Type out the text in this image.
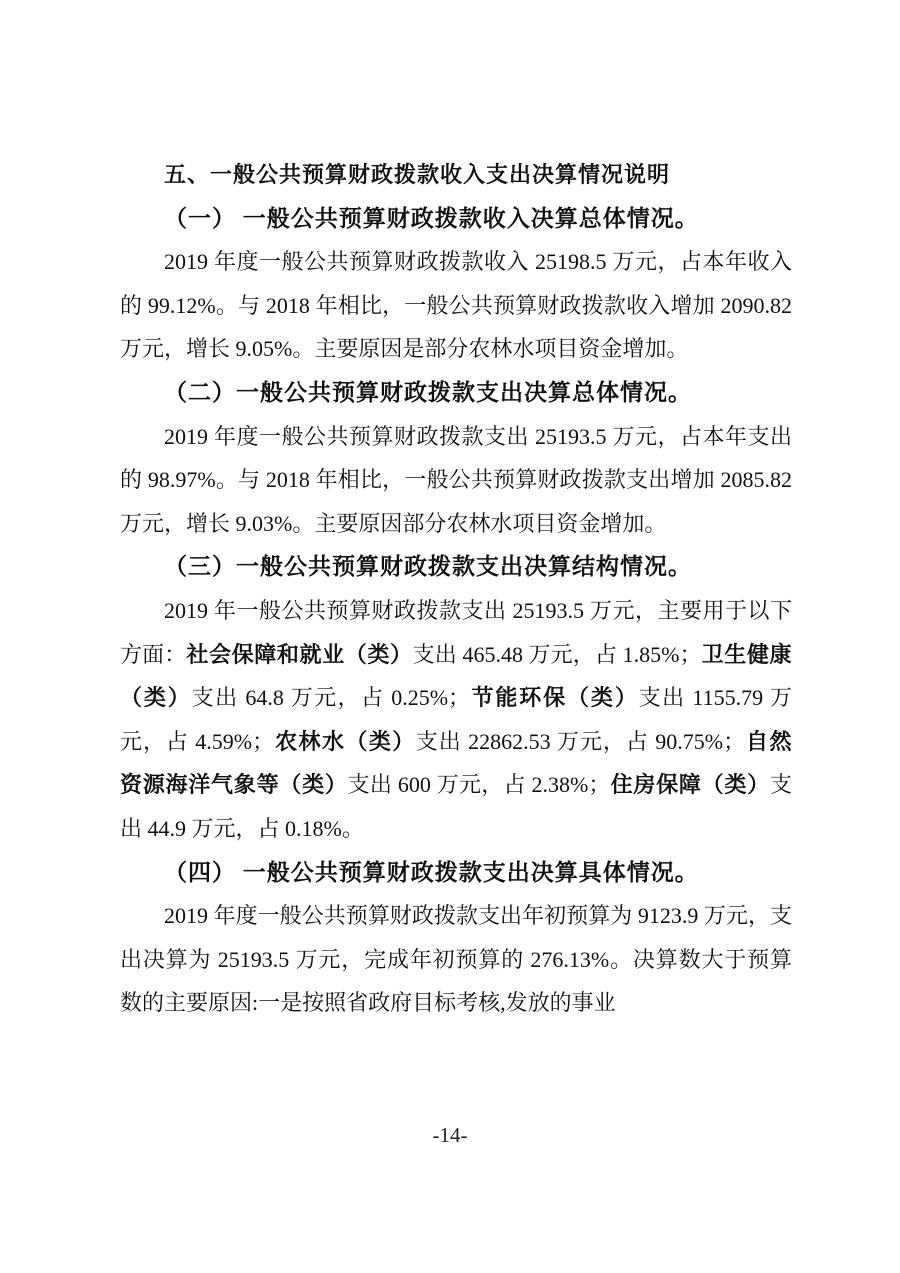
五、一般公共预算财政拨款收入支出决算情况说明

（一） 一般公共预算财政拨款收入决算总体情况。

2019 年度一般公共预算财政拨款收入 25198.5 万元，占本年收入的 99.12%。与 2018 年相比，一般公共预算财政拨款收入增加 2090.82 万元，增长 9.05%。主要原因是部分农林水项目资金增加。

（二）一般公共预算财政拨款支出决算总体情况。

2019 年度一般公共预算财政拨款支出 25193.5 万元，占本年支出的 98.97%。与 2018 年相比，一般公共预算财政拨款支出增加 2085.82 万元，增长 9.03%。主要原因部分农林水项目资金增加。

（三）一般公共预算财政拨款支出决算结构情况。

2019 年一般公共预算财政拨款支出 25193.5 万元，主要用于以下方面：社会保障和就业（类）支出 465.48 万元，占 1.85%；卫生健康（类）支出 64.8 万元，占 0.25%；节能环保（类）支出 1155.79 万元，占 4.59%；农林水（类）支出 22862.53 万元，占 90.75%；自然资源海洋气象等（类）支出 600 万元，占 2.38%；住房保障（类）支出 44.9 万元，占 0.18%。

（四） 一般公共预算财政拨款支出决算具体情况。

2019 年度一般公共预算财政拨款支出年初预算为 9123.9 万元，支出决算为 25193.5 万元，完成年初预算的 276.13%。决算数大于预算数的主要原因:一是按照省政府目标考核,发放的事业

-14-
